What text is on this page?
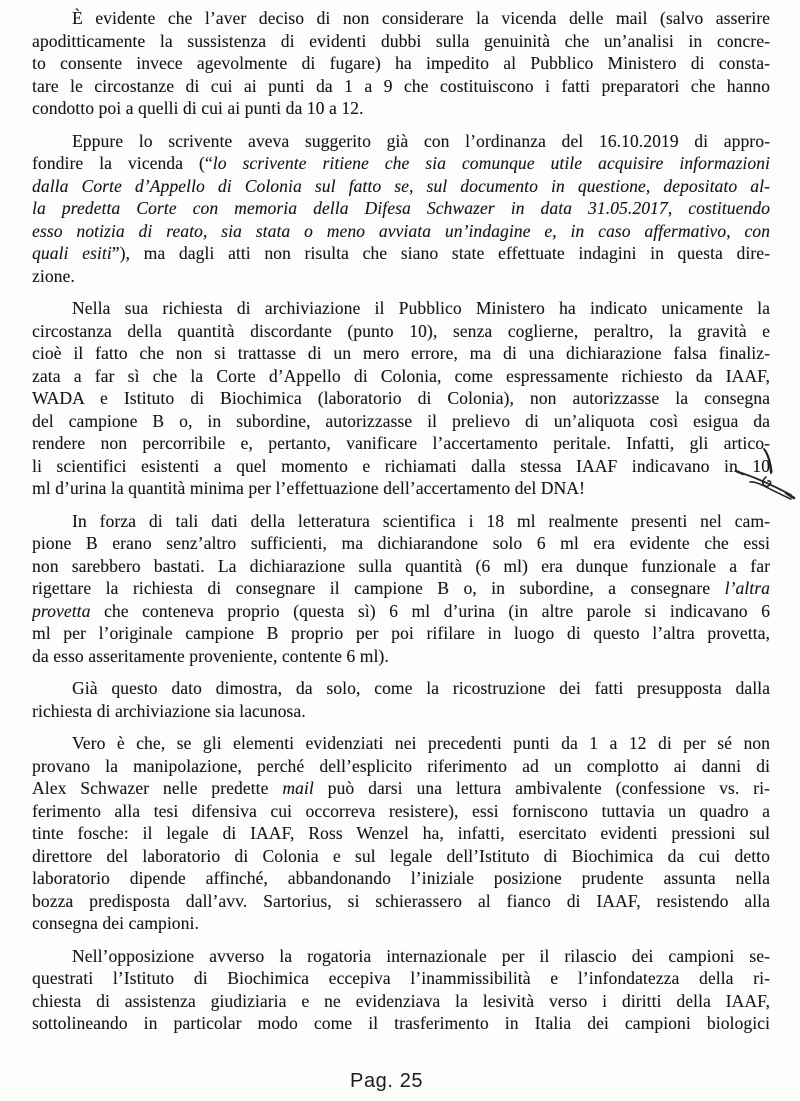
È evidente che l’aver deciso di non considerare la vicenda delle mail (salvo asserire
apoditticamente la sussistenza di evidenti dubbi sulla genuinità che un’analisi in concre-
to consente invece agevolmente di fugare) ha impedito al Pubblico Ministero di consta-
tare le circostanze di cui ai punti da 1 a 9 che costituiscono i fatti preparatori che hanno
condotto poi a quelli di cui ai punti da 10 a 12.
Eppure lo scrivente aveva suggerito già con l’ordinanza del 16.10.2019 di appro-
fondire la vicenda (“lo scrivente ritiene che sia comunque utile acquisire informazioni
dalla Corte d’Appello di Colonia sul fatto se, sul documento in questione, depositato al-
la predetta Corte con memoria della Difesa Schwazer in data 31.05.2017, costituendo
esso notizia di reato, sia stata o meno avviata un’indagine e, in caso affermativo, con
quali esiti”), ma dagli atti non risulta che siano state effettuate indagini in questa dire-
zione.
Nella sua richiesta di archiviazione il Pubblico Ministero ha indicato unicamente la
circostanza della quantità discordante (punto 10), senza coglierne, peraltro, la gravità e
cioè il fatto che non si trattasse di un mero errore, ma di una dichiarazione falsa finaliz-
zata a far sì che la Corte d’Appello di Colonia, come espressamente richiesto da IAAF,
WADA e Istituto di Biochimica (laboratorio di Colonia), non autorizzasse la consegna
del campione B o, in subordine, autorizzasse il prelievo di un’aliquota così esigua da
rendere non percorribile e, pertanto, vanificare l’accertamento peritale. Infatti, gli artico-
li scientifici esistenti a quel momento e richiamati dalla stessa IAAF indicavano in 10
ml d’urina la quantità minima per l’effettuazione dell’accertamento del DNA!
In forza di tali dati della letteratura scientifica i 18 ml realmente presenti nel cam-
pione B erano senz’altro sufficienti, ma dichiarandone solo 6 ml era evidente che essi
non sarebbero bastati. La dichiarazione sulla quantità (6 ml) era dunque funzionale a far
rigettare la richiesta di consegnare il campione B o, in subordine, a consegnare l’altra
provetta che conteneva proprio (questa sì) 6 ml d’urina (in altre parole si indicavano 6
ml per l’originale campione B proprio per poi rifilare in luogo di questo l’altra provetta,
da esso asseritamente proveniente, contente 6 ml).
Già questo dato dimostra, da solo, come la ricostruzione dei fatti presupposta dalla
richiesta di archiviazione sia lacunosa.
Vero è che, se gli elementi evidenziati nei precedenti punti da 1 a 12 di per sé non
provano la manipolazione, perché dell’esplicito riferimento ad un complotto ai danni di
Alex Schwazer nelle predette mail può darsi una lettura ambivalente (confessione vs. ri-
ferimento alla tesi difensiva cui occorreva resistere), essi forniscono tuttavia un quadro a
tinte fosche: il legale di IAAF, Ross Wenzel ha, infatti, esercitato evidenti pressioni sul
direttore del laboratorio di Colonia e sul legale dell’Istituto di Biochimica da cui detto
laboratorio dipende affinché, abbandonando l’iniziale posizione prudente assunta nella
bozza predisposta dall’avv. Sartorius, si schierassero al fianco di IAAF, resistendo alla
consegna dei campioni.
Nell’opposizione avverso la rogatoria internazionale per il rilascio dei campioni se-
questrati l’Istituto di Biochimica eccepiva l’inammissibilità e l’infondatezza della ri-
chiesta di assistenza giudiziaria e ne evidenziava la lesività verso i diritti della IAAF,
sottolineando in particolar modo come il trasferimento in Italia dei campioni biologici
Pag. 25
